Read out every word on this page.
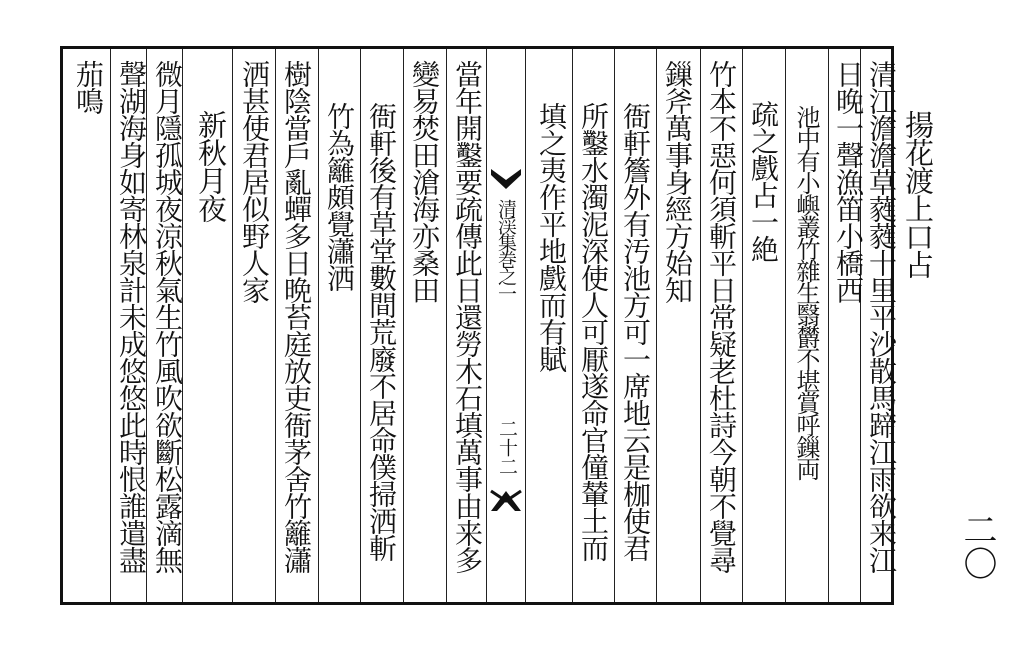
揚花渡上口占
清江澹澹草蕤蕤十里平沙散馬蹄江雨欲来江
日晚一聲漁笛小橋西
池中有小嶼叢竹雜生翳欝不堪賞呼鏁両
疏之戲占一絶
竹本不惡何須斬平日常疑老杜詩今朝不覺尋
鏁斧萬事身經方始知
衙軒簷外有汚池方可一席地云是枷使君
所鑿水濁泥深使人可厭遂命官僮輦土而
填之夷作平地戲而有賦
清渓集巻之一
二十二
當年開鑿要疏傳此日還勞木石填萬事由来多
變易焚田滄海亦桑田
衙軒後有草堂數間荒廢不居命僕掃洒斬
竹為籬頗覺瀟洒
樹陰當戶亂蟬多日晩苔庭放吏衙茅舍竹籬瀟
洒甚使君居似野人家
新秋月夜
微月隱孤城夜涼秋氣生竹風吹欲斷松露滴無
聲湖海身如寄林泉計未成悠悠此時恨誰遣盡
茄鳴
二〇
